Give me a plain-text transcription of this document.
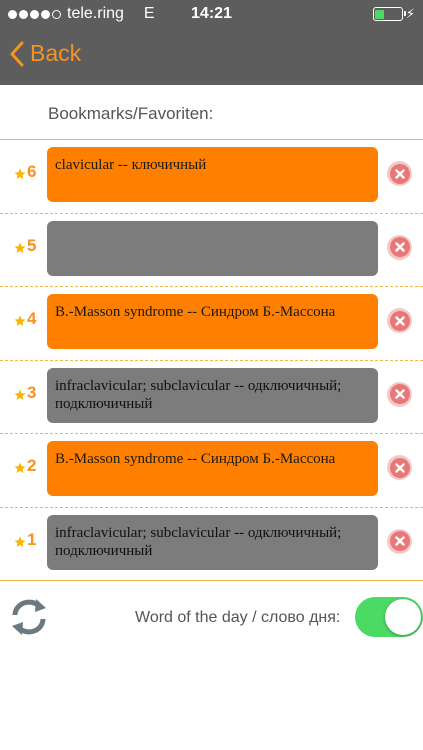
tele.ring E	14:21	⚡
Back
Bookmarks/Favoriten:
6	clavicular -- ключичный
5
4	B.-Masson syndrome -- Синдром Б.-Массона
3	infraclavicular; subclavicular -- одключичный; подключичный
2	B.-Masson syndrome -- Синдром Б.-Массона
1	infraclavicular; subclavicular -- одключичный; подключичный
Word of the day / слово дня:
